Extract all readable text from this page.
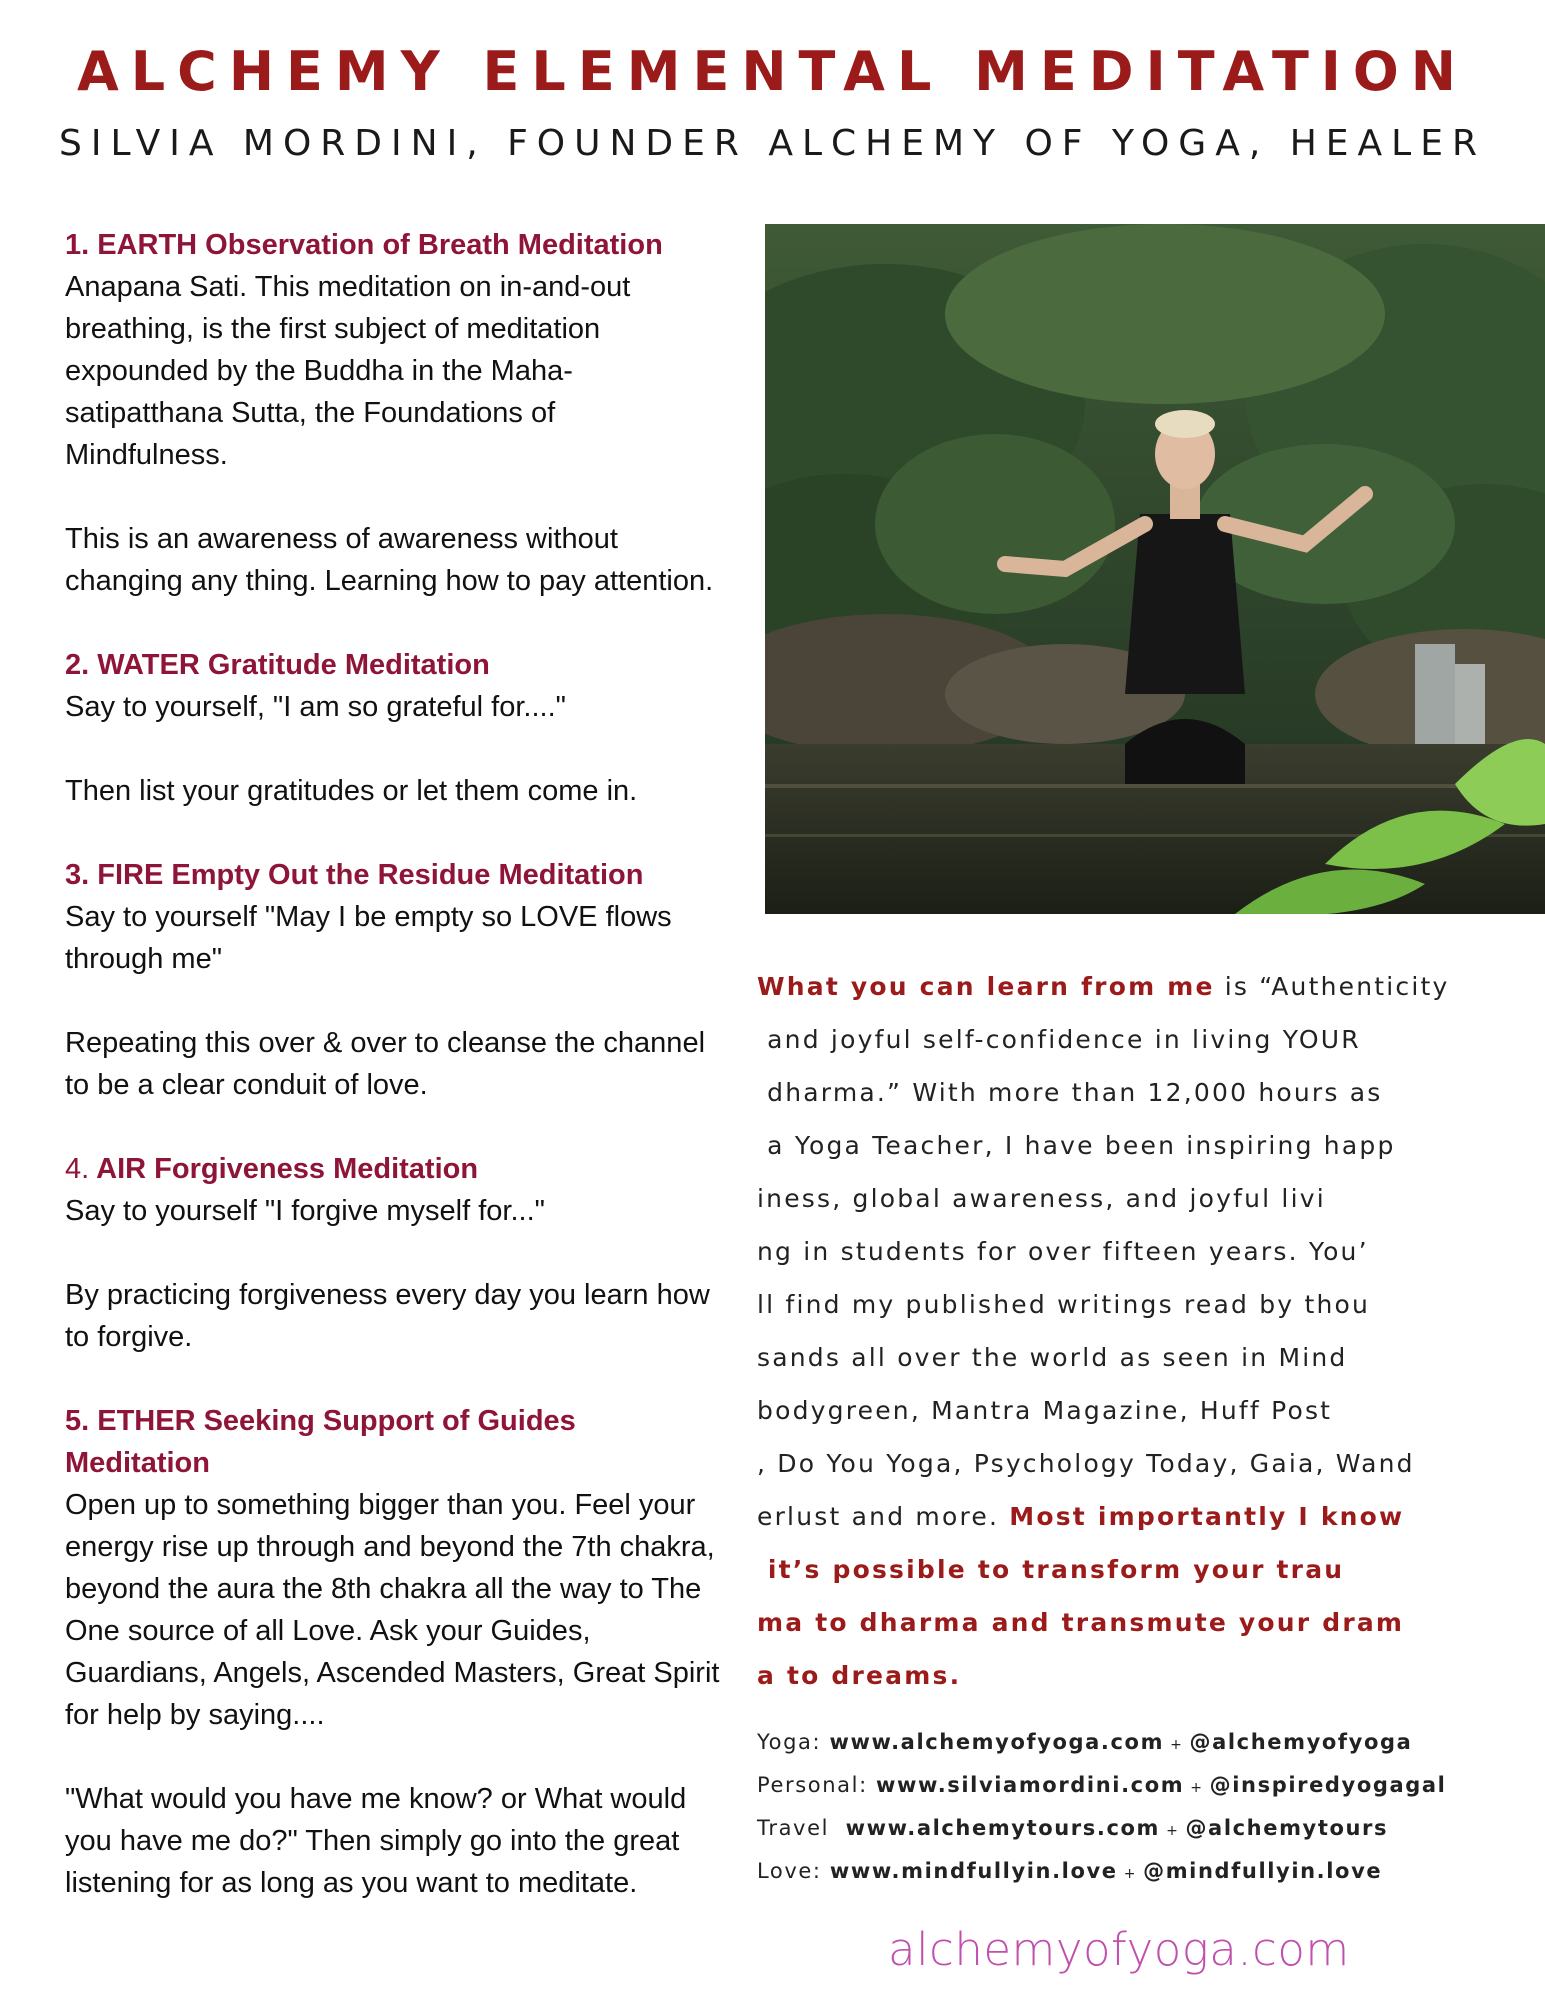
ALCHEMY ELEMENTAL MEDITATION
SILVIA MORDINI, FOUNDER ALCHEMY OF YOGA, HEALER

1. EARTH Observation of Breath Meditation

Anapana Sati. This meditation on in-and-out breathing, is the first subject of meditation expounded by the Buddha in the Maha-satipatthana Sutta, the Foundations of Mindfulness.

This is an awareness of awareness without changing any thing. Learning how to pay attention.

2. WATER Gratitude Meditation

Say to yourself, "I am so grateful for...."

Then list your gratitudes or let them come in.

3. FIRE Empty Out the Residue Meditation

Say to yourself "May I be empty so LOVE flows through me"

Repeating this over & over to cleanse the channel to be a clear conduit of love.

4. AIR Forgiveness Meditation

Say to yourself "I forgive myself for..."

By practicing forgiveness every day you learn how to forgive.

5. ETHER Seeking Support of Guides Meditation

Open up to something bigger than you. Feel your energy rise up through and beyond the 7th chakra, beyond the aura the 8th chakra all the way to The One source of all Love. Ask your Guides, Guardians, Angels, Ascended Masters, Great Spirit for help by saying....

"What would you have me know? or What would you have me do?" Then simply go into the great listening for as long as you want to meditate.

What you can learn from me is “Authenticity
and joyful self-confidence in living YOUR
dharma.” With more than 12,000 hours as
a Yoga Teacher, I have been inspiring happ
iness, global awareness, and joyful livi
ng in students for over fifteen years. You’
ll find my published writings read by thou
sands all over the world as seen in Mind
bodygreen, Mantra Magazine, Huff Post
, Do You Yoga, Psychology Today, Gaia, Wand
erlust and more. Most importantly I know
it’s possible to transform your trau
ma to dharma and transmute your dram
a to dreams.
Yoga: www.alchemyofyoga.com + @alchemyofyoga
Personal: www.silviamordini.com + @inspiredyogagal
Travel  www.alchemytours.com + @alchemytours
Love: www.mindfullyin.love + @mindfullyin.love
alchemyofyoga.com
